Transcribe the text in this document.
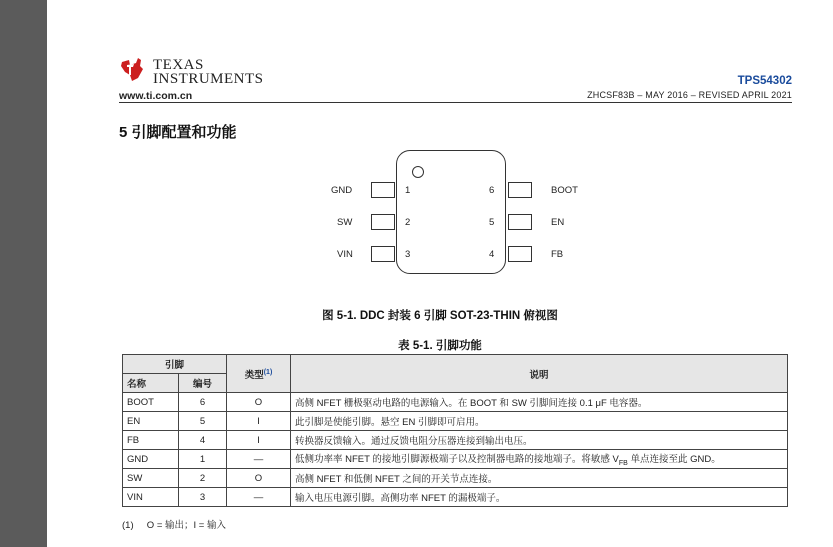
TEXAS
INSTRUMENTS
www.ti.com.cn
TPS54302
ZHCSF83B – MAY 2016 – REVISED APRIL 2021
5 引脚配置和功能
GND
SW
VIN
1
2
3
BOOT
EN
FB
6
5
4
图 5-1. DDC 封装 6 引脚 SOT-23-THIN 俯视图
表 5-1. 引脚功能
引脚		类型$^{(1)}$	说明
名称	编号		
BOOT	6	O	高侧 NFET 栅极驱动电路的电源输入。在 BOOT 和 SW 引脚间连接 0.1 μF 电容器。
EN	5	I	此引脚是使能引脚。悬空 EN 引脚即可启用。
FB	4	I	转换器反馈输入。通过反馈电阻分压器连接到输出电压。
GND	1	—	低侧功率率 NFET 的接地引脚源极端子以及控制器电路的接地端子。将敏感 $V_{FB}$ 单点连接至此 GND。
SW	2	O	高侧 NFET 和低侧 NFET 之间的开关节点连接。
VIN	3	—	输入电压电源引脚。高侧功率 NFET 的漏极端子。
(1)     O = 输出；I = 输入
